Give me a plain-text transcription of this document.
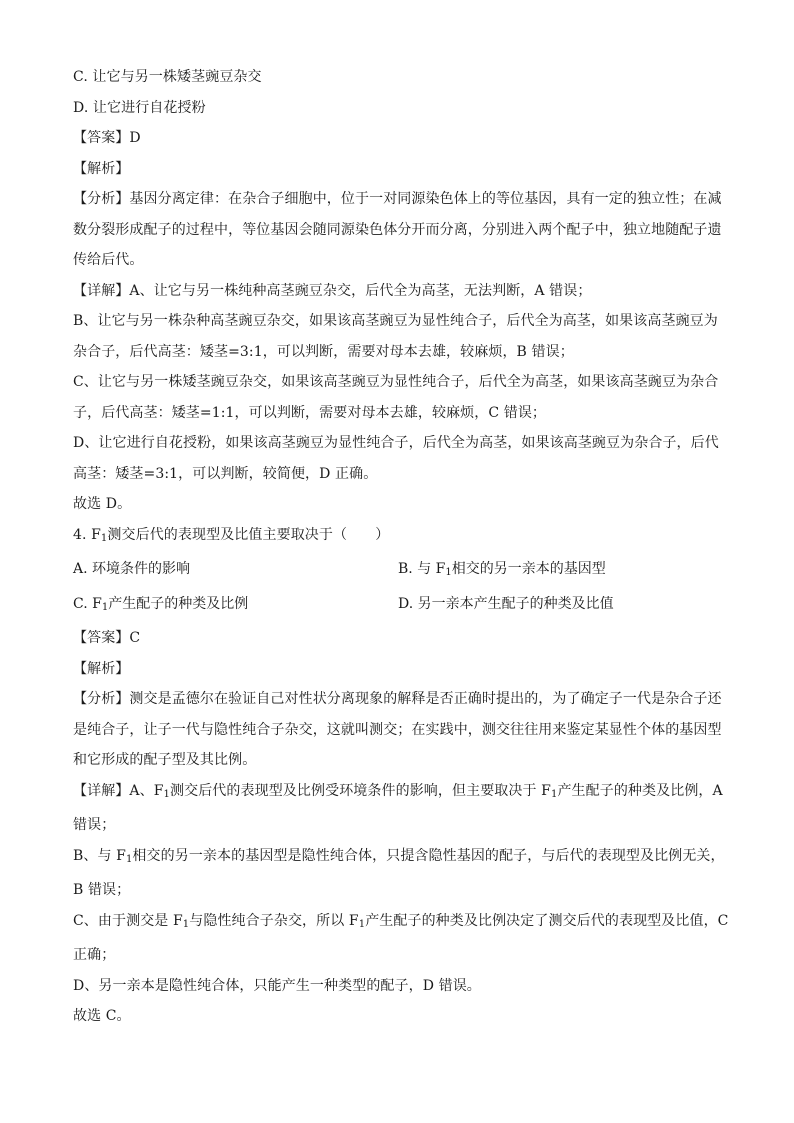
C. 让它与另一株矮茎豌豆杂交
D. 让它进行自花授粉
【答案】D
【解析】
【分析】基因分离定律：在杂合子细胞中，位于一对同源染色体上的等位基因，具有一定的独立性；在减
数分裂形成配子的过程中，等位基因会随同源染色体分开而分离，分别进入两个配子中，独立地随配子遗
传给后代。
【详解】A、让它与另一株纯种高茎豌豆杂交，后代全为高茎，无法判断，A 错误；
B、让它与另一株杂种高茎豌豆杂交，如果该高茎豌豆为显性纯合子，后代全为高茎，如果该高茎豌豆为
杂合子，后代高茎：矮茎=3:1，可以判断，需要对母本去雄，较麻烦，B 错误；
C、让它与另一株矮茎豌豆杂交，如果该高茎豌豆为显性纯合子，后代全为高茎，如果该高茎豌豆为杂合
子，后代高茎：矮茎=1:1，可以判断，需要对母本去雄，较麻烦，C 错误；
D、让它进行自花授粉，如果该高茎豌豆为显性纯合子，后代全为高茎，如果该高茎豌豆为杂合子，后代
高茎：矮茎=3:1，可以判断，较简便，D 正确。
故选 D。
4. $F_1$测交后代的表现型及比值主要取决于（　　）
A. 环境条件的影响	B. 与 $F_1$相交的另一亲本的基因型
C. $F_1$产生配子的种类及比例	D. 另一亲本产生配子的种类及比值
【答案】C
【解析】
【分析】测交是孟德尔在验证自己对性状分离现象的解释是否正确时提出的，为了确定子一代是杂合子还
是纯合子，让子一代与隐性纯合子杂交，这就叫测交；在实践中，测交往往用来鉴定某显性个体的基因型
和它形成的配子型及其比例。
【详解】A、$F_1$测交后代的表现型及比例受环境条件的影响，但主要取决于 $F_1$产生配子的种类及比例，A
错误；
B、与 $F_1$相交的另一亲本的基因型是隐性纯合体，只提含隐性基因的配子，与后代的表现型及比例无关，
B 错误；
C、由于测交是 $F_1$与隐性纯合子杂交，所以 $F_1$产生配子的种类及比例决定了测交后代的表现型及比值，C
正确；
D、另一亲本是隐性纯合体，只能产生一种类型的配子，D 错误。
故选 C。
